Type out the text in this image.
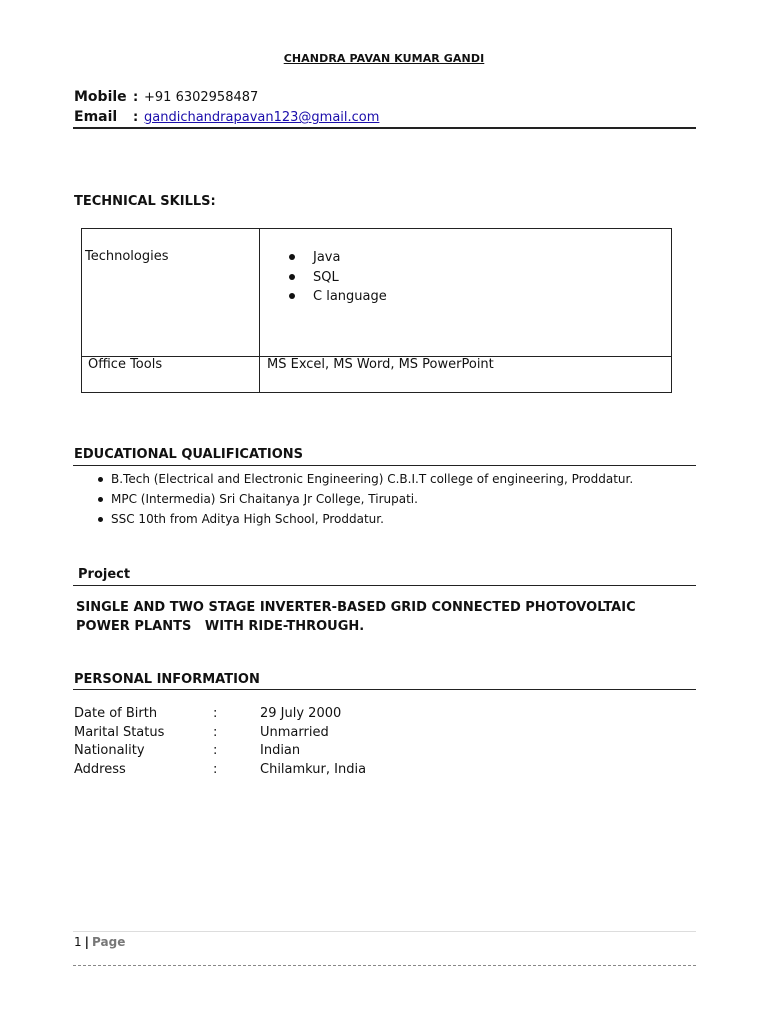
CHANDRA PAVAN KUMAR GANDI
Mobile : +91 6302958487
Email : gandichandrapavan123@gmail.com
TECHNICAL SKILLS:
Technologies	Java
SQL
C language
Office Tools	MS Excel, MS Word, MS PowerPoint
EDUCATIONAL QUALIFICATIONS
B.Tech (Electrical and Electronic Engineering) C.B.I.T college of engineering, Proddatur.
MPC (Intermedia) Sri Chaitanya Jr College, Tirupati.
SSC 10th from Aditya High School, Proddatur.
Project
SINGLE AND TWO STAGE INVERTER-BASED GRID CONNECTED PHOTOVOLTAIC
POWER PLANTS   WITH RIDE-THROUGH.
PERSONAL INFORMATION
Date of Birth	:	29 July 2000
Marital Status	:	Unmarried
Nationality	:	Indian
Address	:	Chilamkur, India
1 | Page
